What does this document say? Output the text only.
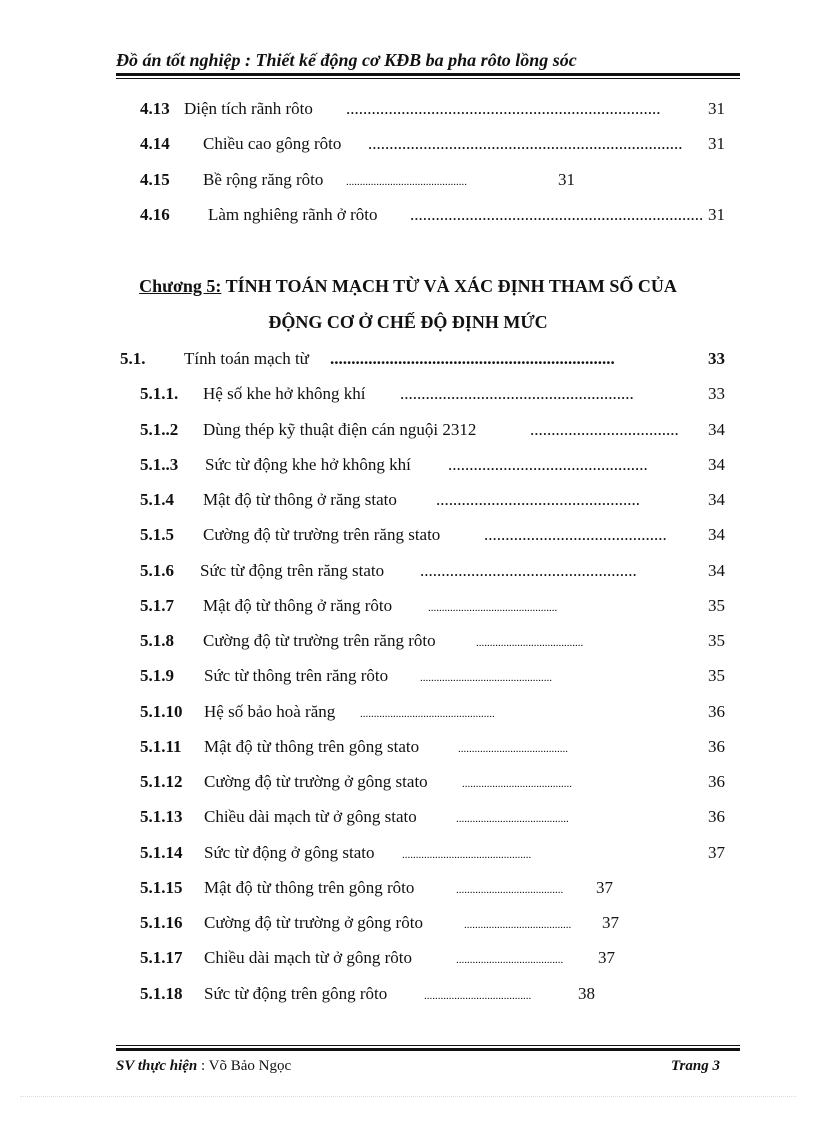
Đồ án tốt nghiệp : Thiết kế động cơ KĐB ba pha rôto lồng sóc
4.13 Diện tích rãnh rôto ..........................................................................	31
4.14 Chiều cao gông rôto .......................................................................... 31
4.15 Bề rộng răng rôto ............................................	31
4.16 Làm nghiêng rãnh ở rôto ..................................................................... 31
Chương 5: TÍNH TOÁN MẠCH TỪ VÀ XÁC ĐỊNH THAM SỐ CỦA
ĐỘNG CƠ Ở CHẾ ĐỘ ĐỊNH MỨC
5.1. Tính toán mạch từ ...................................................................	33
5.1.1. Hệ số khe hở không khí .......................................................	33
5.1..2 Dùng thép kỹ thuật điện cán nguội 2312	................................... 34
5.1..3 Sức từ động khe hở không khí ...............................................	34
5.1.4 Mật độ từ thông ở răng stato ................................................	34
5.1.5 Cường độ từ trường trên răng stato	........................................... 34
5.1.6 Sức từ động trên răng stato ...................................................	34
5.1.7 Mật độ từ thông ở răng rôto	...............................................	35
5.1.8 Cường độ từ trường trên răng rôto	.......................................	35
5.1.9 Sức từ thông trên răng rôto	................................................	35
5.1.10 Hệ số bảo hoà răng .................................................	36
5.1.11 Mật độ từ thông trên gông stato	........................................	36
5.1.12 Cường độ từ trường ở gông stato	........................................	36
5.1.13 Chiều dài mạch từ ở gông stato	.........................................	36
5.1.14 Sức từ động ở gông stato	...............................................	37
5.1.15 Mật độ từ thông trên gông rôto	....................................... 37
5.1.16 Cường độ từ trường ở gông rôto	....................................... 37
5.1.17 Chiều dài mạch từ ở gông rôto	....................................... 37
5.1.18 Sức từ động trên gông rôto	.......................................	38
SV thực hiện : Võ Bảo Ngọc	Trang 3
